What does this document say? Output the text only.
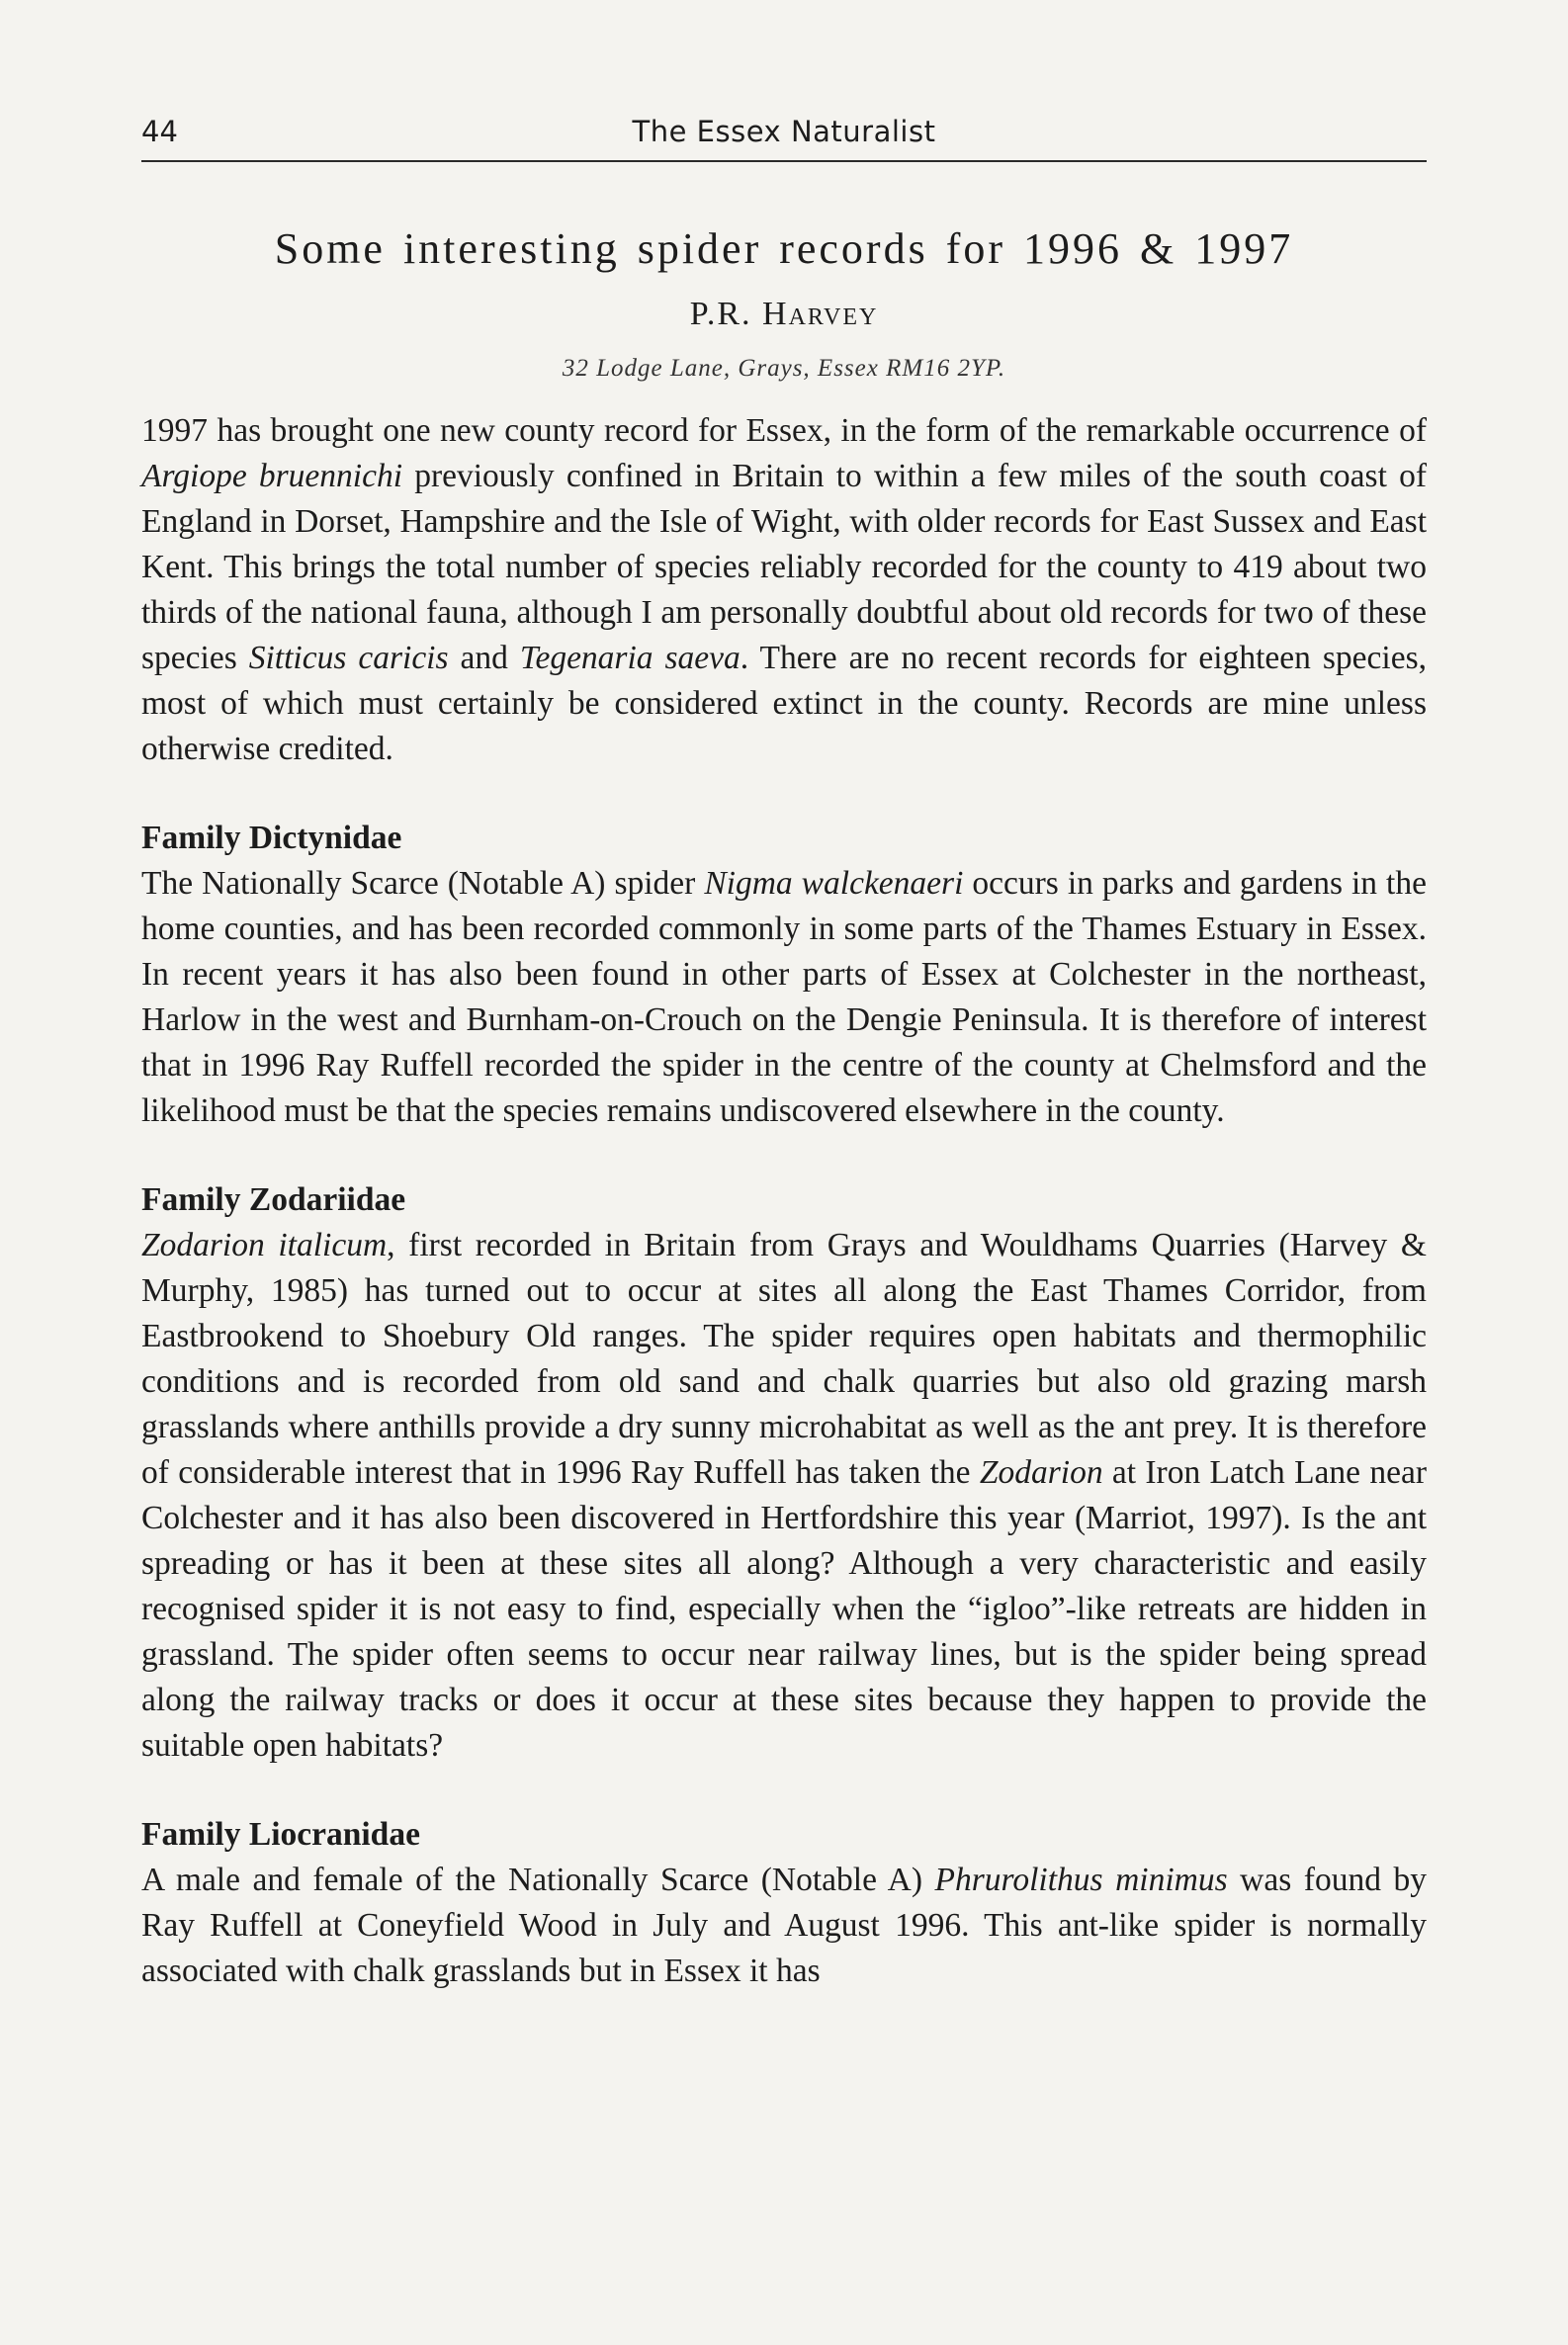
44	The Essex Naturalist
Some interesting spider records for 1996 & 1997
P.R. Harvey
32 Lodge Lane, Grays, Essex RM16 2YP.

1997 has brought one new county record for Essex, in the form of the remarkable occurrence of Argiope bruennichi previously confined in Britain to within a few miles of the south coast of England in Dorset, Hampshire and the Isle of Wight, with older records for East Sussex and East Kent. This brings the total number of species reliably recorded for the county to 419 about two thirds of the national fauna, although I am personally doubtful about old records for two of these species Sitticus caricis and Tegenaria saeva. There are no recent records for eighteen species, most of which must certainly be considered extinct in the county. Records are mine unless otherwise credited.

Family Dictynidae

The Nationally Scarce (Notable A) spider Nigma walckenaeri occurs in parks and gardens in the home counties, and has been recorded commonly in some parts of the Thames Estuary in Essex. In recent years it has also been found in other parts of Essex at Colchester in the northeast, Harlow in the west and Burnham-on-Crouch on the Dengie Peninsula. It is therefore of interest that in 1996 Ray Ruffell recorded the spider in the centre of the county at Chelmsford and the likelihood must be that the species remains undiscovered elsewhere in the county.

Family Zodariidae

Zodarion italicum, first recorded in Britain from Grays and Wouldhams Quarries (Harvey & Murphy, 1985) has turned out to occur at sites all along the East Thames Corridor, from Eastbrookend to Shoebury Old ranges. The spider requires open habitats and thermophilic conditions and is recorded from old sand and chalk quarries but also old grazing marsh grasslands where anthills provide a dry sunny microhabitat as well as the ant prey. It is therefore of considerable interest that in 1996 Ray Ruffell has taken the Zodarion at Iron Latch Lane near Colchester and it has also been discovered in Hertfordshire this year (Marriot, 1997). Is the ant spreading or has it been at these sites all along? Although a very characteristic and easily recognised spider it is not easy to find, especially when the “igloo”-like retreats are hidden in grassland. The spider often seems to occur near railway lines, but is the spider being spread along the railway tracks or does it occur at these sites because they happen to provide the suitable open habitats?

Family Liocranidae

A male and female of the Nationally Scarce (Notable A) Phrurolithus minimus was found by Ray Ruffell at Coneyfield Wood in July and August 1996. This ant-like spider is normally associated with chalk grasslands but in Essex it has
